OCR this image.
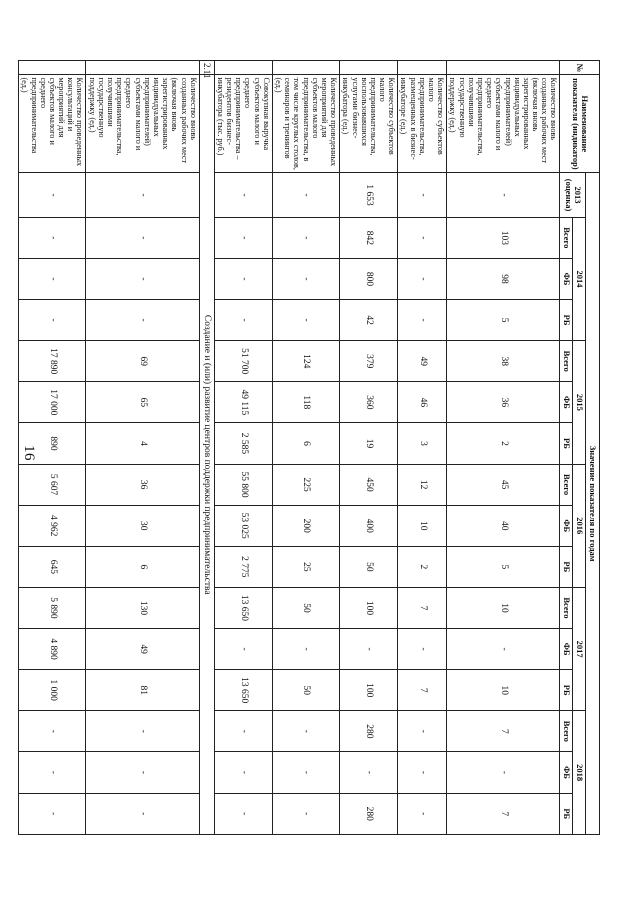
16
№	Наименование показателя (индикатор)	Значение показателя по годам															
		2013
(оценка)	2014			2015			2016			2017			2018		
			Всего	ФБ	РБ	Всего	ФБ	РБ	Всего	ФБ	РБ	Всего	ФБ	РБ	Всего	ФБ	РБ
	Количество вновь созданных рабочих мест (включая вновь зарегистрированных индивидуальных предпринимателей) субъектами малого и среднего предпринимательства, получившими государственную поддержку (ед.)	-	103	98	5	38	36	2	45	40	5	10	-	10	7	-	7
	Количество субъектов малого предпринимательства, размещенных в бизнес-инкубаторе (ед.)	-	-	-	-	49	46	3	12	10	2	7	-	7	-	-	-
	Количество субъектов малого предпринимательства, воспользовавшихся услугами бизнес-инкубатора (ед.)	1 653	842	800	42	379	360	19	450	400	50	100	-	100	280	-	280
	Количество проведенных мероприятий для субъектов малого предпринимательства, в том числе круглых столов, семинаров и тренингов (ед.)	-	-	-	-	124	118	6	225	200	25	50	-	50	-	-	-
	Совокупная выручка субъектов малого и среднего предпринимательства – резидентов бизнес-инкубатора (тыс. руб.)	-	-	-	-	51 700	49 115	2 585	55 800	53 025	2 775	13 650	-	13 650	-	-	-
2.11	Создание и (или) развитие центров поддержки предпринимательства																
	Количество вновь созданных рабочих мест (включая вновь зарегистрированных индивидуальных предпринимателей) субъектами малого и среднего предпринимательства, получившими государственную поддержку (ед.)	-	-	-	-	69	65	4	36	30	6	130	49	81	-	-	-
	Количество проведенных консультаций и мероприятий для субъектов малого и среднего предпринимательства (ед.)	-	-	-	-	17 890	17 000	890	5 607	4 962	645	5 890	4 890	1 000	-	-	-
